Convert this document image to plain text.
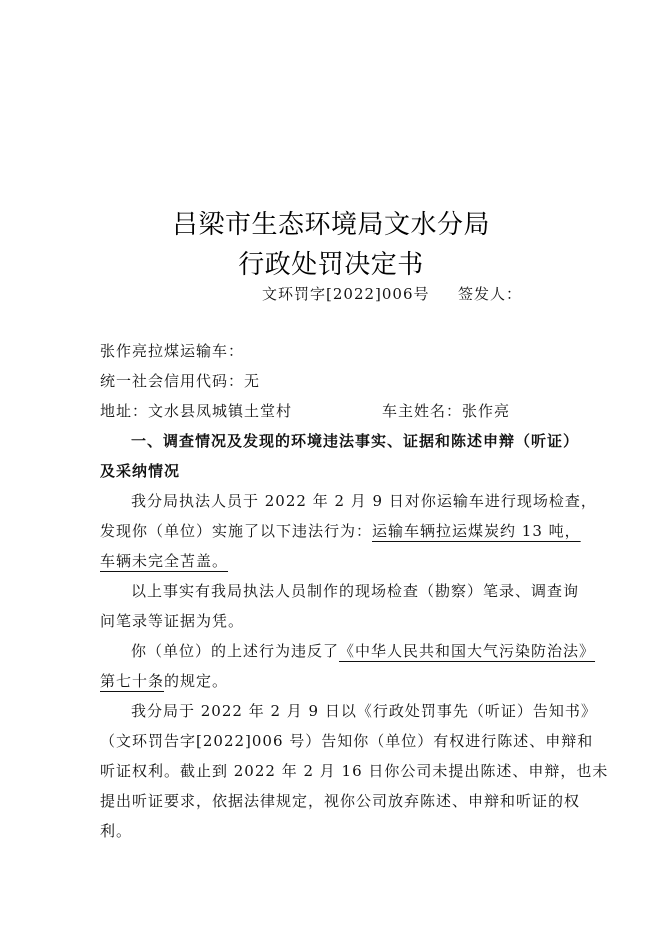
吕梁市生态环境局文水分局
行政处罚决定书
文环罚字[2022]006号 签发人：
张作亮拉煤运输车：
统一社会信用代码：无
地址：文水县凤城镇土堂村	车主姓名：张作亮
一、调查情况及发现的环境违法事实、证据和陈述申辩（听证）
及采纳情况
我分局执法人员于 2022 年 2 月 9 日对你运输车进行现场检查，
发现你（单位）实施了以下违法行为：运输车辆拉运煤炭约 13 吨，
车辆未完全苫盖。
以上事实有我局执法人员制作的现场检查（勘察）笔录、调查询
问笔录等证据为凭。
你（单位）的上述行为违反了《中华人民共和国大气污染防治法》
第七十条的规定。
我分局于 2022 年 2 月 9 日以《行政处罚事先（听证）告知书》
（文环罚告字[2022]006 号）告知你（单位）有权进行陈述、申辩和
听证权利。截止到 2022 年 2 月 16 日你公司未提出陈述、申辩，也未
提出听证要求，依据法律规定，视你公司放弃陈述、申辩和听证的权
利。
